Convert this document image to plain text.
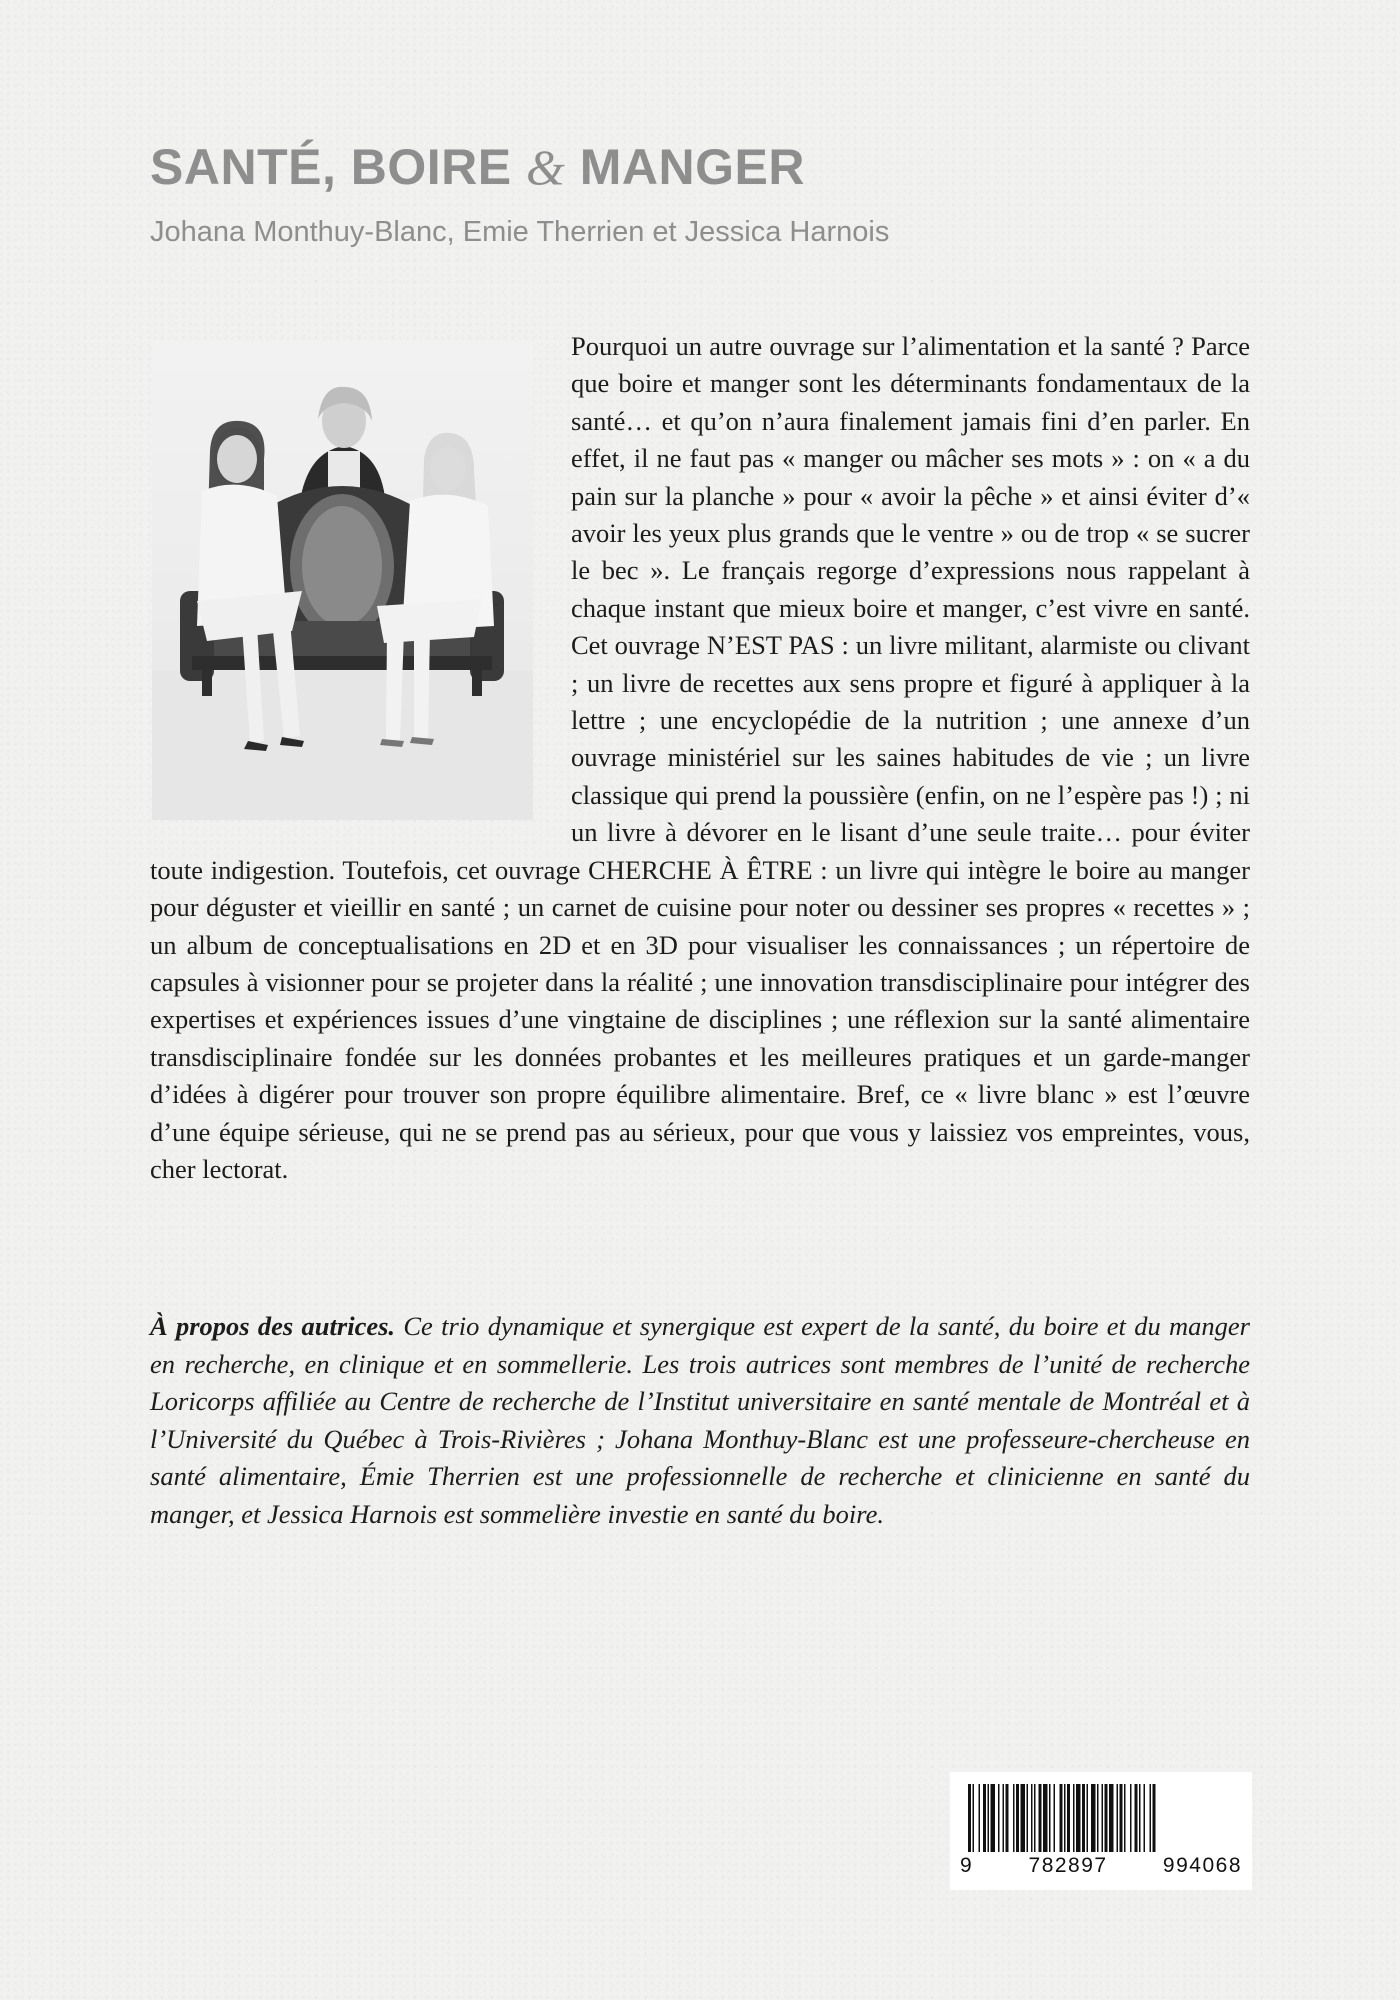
SANTÉ, BOIRE & MANGER

Johana Monthuy-Blanc, Emie Therrien et Jessica Harnois

Pourquoi un autre ouvrage sur l’alimentation et la santé ? Parce que boire et manger sont les déterminants fondamentaux de la santé… et qu’on n’aura finalement jamais fini d’en parler. En effet, il ne faut pas « manger ou mâcher ses mots » : on « a du pain sur la planche » pour « avoir la pêche » et ainsi éviter d’« avoir les yeux plus grands que le ventre » ou de trop « se sucrer le bec ». Le français regorge d’expressions nous rappelant à chaque instant que mieux boire et manger, c’est vivre en santé. Cet ouvrage N’EST PAS : un livre militant, alarmiste ou clivant ; un livre de recettes aux sens propre et figuré à appliquer à la lettre ; une encyclopédie de la nutrition ; une annexe d’un ouvrage ministériel sur les saines habitudes de vie ; un livre classique qui prend la poussière (enfin, on ne l’espère pas !) ; ni un livre à dévorer en le lisant d’une seule traite… pour éviter toute indigestion. Toutefois, cet ouvrage CHERCHE À ÊTRE : un livre qui intègre le boire au manger pour déguster et vieillir en santé ; un carnet de cuisine pour noter ou dessiner ses propres « recettes » ; un album de conceptualisations en 2D et en 3D pour visualiser les connaissances ; un répertoire de capsules à visionner pour se projeter dans la réalité ; une innovation transdisciplinaire pour intégrer des expertises et expériences issues d’une vingtaine de disciplines ; une réflexion sur la santé alimentaire transdisciplinaire fondée sur les données probantes et les meilleures pratiques et un garde-manger d’idées à digérer pour trouver son propre équilibre alimentaire. Bref, ce « livre blanc » est l’œuvre d’une équipe sérieuse, qui ne se prend pas au sérieux, pour que vous y laissiez vos empreintes, vous, cher lectorat.

À propos des autrices. Ce trio dynamique et synergique est expert de la santé, du boire et du manger en recherche, en clinique et en sommellerie. Les trois autrices sont membres de l’unité de recherche Loricorps affiliée au Centre de recherche de l’Institut universitaire en santé mentale de Montréal et à l’Université du Québec à Trois-Rivières ; Johana Monthuy-Blanc est une professeure-chercheuse en santé alimentaire, Émie Therrien est une professionnelle de recherche et clinicienne en santé du manger, et Jessica Harnois est sommelière investie en santé du boire.

9	782897	994068
